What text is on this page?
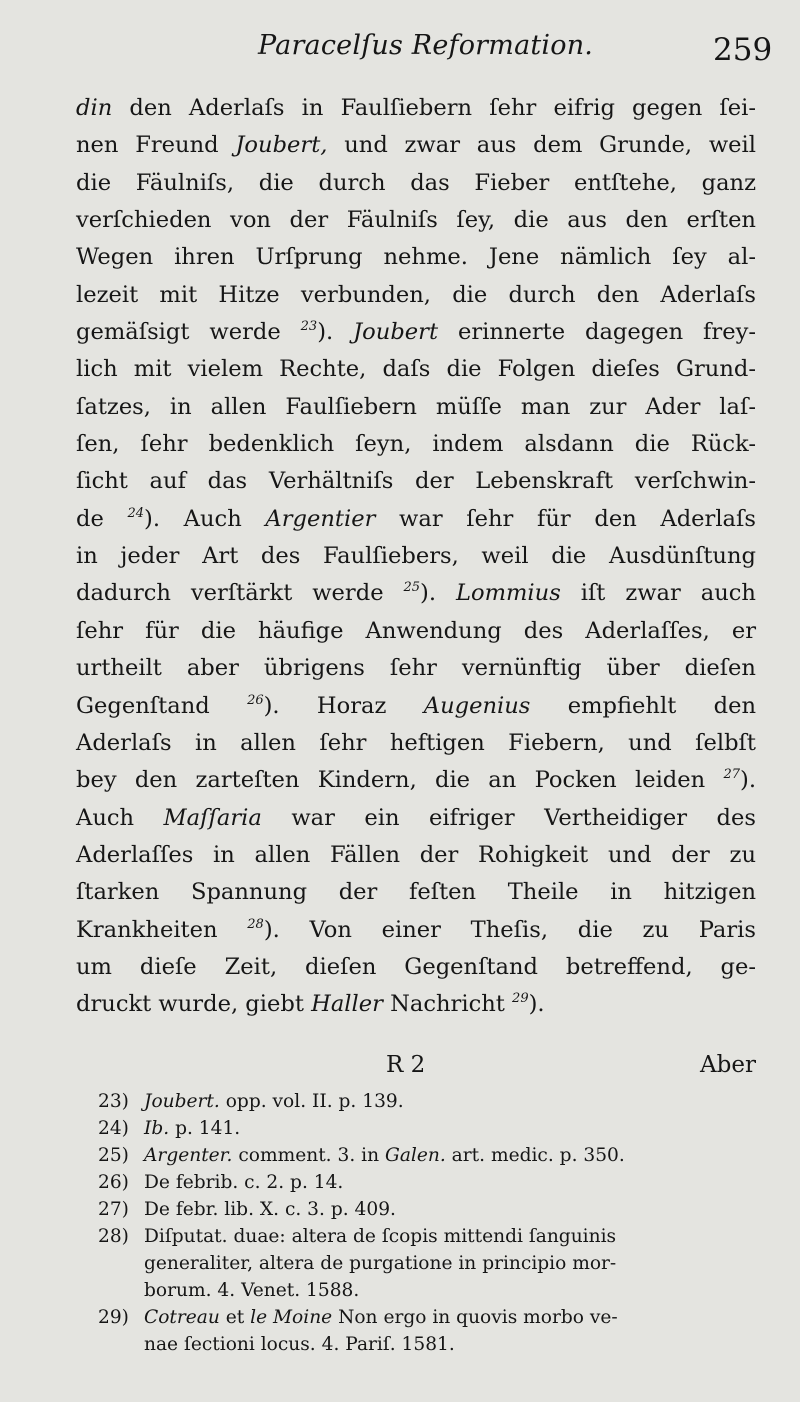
Paracelſus Reformation.	259
din den Aderlaſs in Faulſiebern ſehr eifrig gegen ſei-
nen Freund Joubert, und zwar aus dem Grunde, weil
die Fäulniſs, die durch das Fieber entſtehe, ganz
verſchieden von der Fäulniſs ſey, die aus den erſten
Wegen ihren Urſprung nehme. Jene nämlich ſey al-
lezeit mit Hitze verbunden, die durch den Aderlaſs
gemäſsigt werde $^{23}$). Joubert erinnerte dagegen frey-
lich mit vielem Rechte, daſs die Folgen dieſes Grund-
ſatzes, in allen Faulſiebern müſſe man zur Ader laſ-
ſen, ſehr bedenklich ſeyn, indem alsdann die Rück-
ſicht auf das Verhältniſs der Lebenskraft verſchwin-
de $^{24}$). Auch Argentier war ſehr für den Aderlaſs
in jeder Art des Faulſiebers, weil die Ausdünſtung
dadurch verſtärkt werde $^{25}$). Lommius iſt zwar auch
ſehr für die häufige Anwendung des Aderlaſſes, er
urtheilt aber übrigens ſehr vernünftig über dieſen
Gegenſtand $^{26}$). Horaz Augenius empfiehlt den
Aderlaſs in allen ſehr heftigen Fiebern, und ſelbſt
bey den zarteſten Kindern, die an Pocken leiden $^{27}$).
Auch Maſſaria war ein eifriger Vertheidiger des
Aderlaſſes in allen Fällen der Rohigkeit und der zu
ſtarken Spannung der feſten Theile in hitzigen
Krankheiten $^{28}$). Von einer Theſis, die zu Paris
um dieſe Zeit, dieſen Gegenſtand betreffend, ge-
druckt wurde, giebt Haller Nachricht $^{29}$).
R 2	Aber
23) Joubert. opp. vol. II. p. 139.
24) Ib. p. 141.
25) Argenter. comment. 3. in Galen. art. medic. p. 350.
26) De febrib. c. 2. p. 14.
27) De febr. lib. X. c. 3. p. 409.
28) Diſputat. duae: altera de ſcopis mittendi ſanguinis
generaliter, altera de purgatione in principio mor-
borum. 4. Venet. 1588.
29) Cotreau et le Moine Non ergo in quovis morbo ve-
nae ſectioni locus. 4. Pariſ. 1581.
